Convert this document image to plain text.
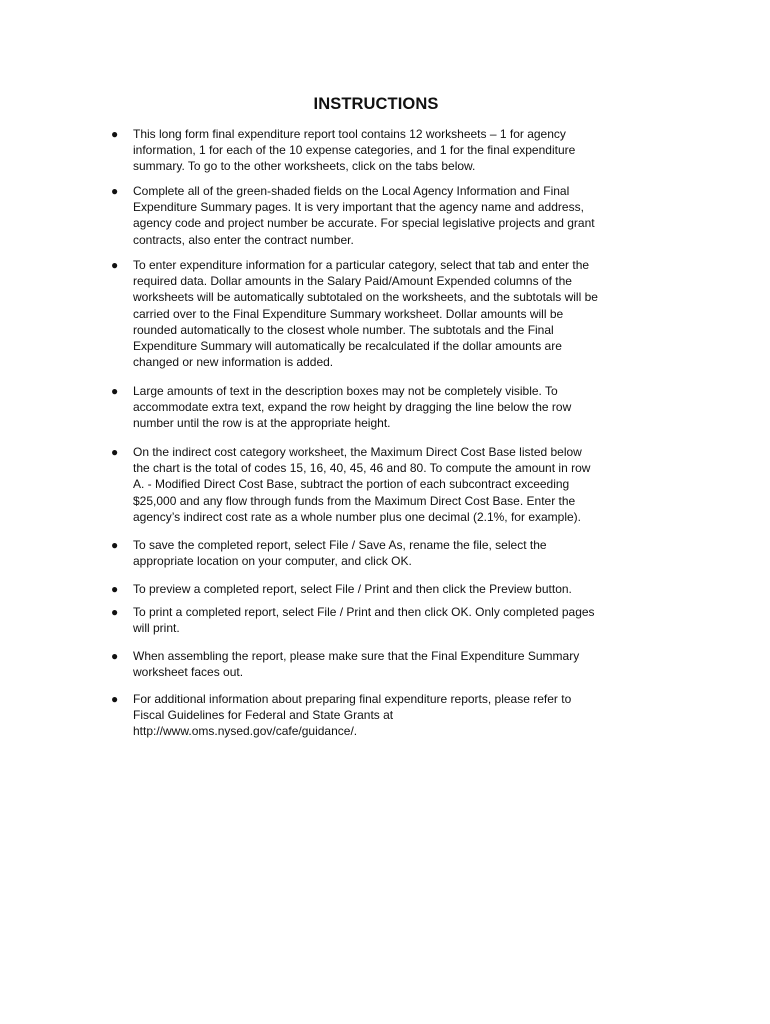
INSTRUCTIONS
● This long form final expenditure report tool contains 12 worksheets – 1 for agency
information, 1 for each of the 10 expense categories, and 1 for the final expenditure
summary. To go to the other worksheets, click on the tabs below.

● Complete all of the green-shaded fields on the Local Agency Information and Final
Expenditure Summary pages. It is very important that the agency name and address,
agency code and project number be accurate. For special legislative projects and grant
contracts, also enter the contract number.

● To enter expenditure information for a particular category, select that tab and enter the
required data. Dollar amounts in the Salary Paid/Amount Expended columns of the
worksheets will be automatically subtotaled on the worksheets, and the subtotals will be
carried over to the Final Expenditure Summary worksheet. Dollar amounts will be
rounded automatically to the closest whole number. The subtotals and the Final
Expenditure Summary will automatically be recalculated if the dollar amounts are
changed or new information is added.

● Large amounts of text in the description boxes may not be completely visible. To
accommodate extra text, expand the row height by dragging the line below the row
number until the row is at the appropriate height.

● On the indirect cost category worksheet, the Maximum Direct Cost Base listed below
the chart is the total of codes 15, 16, 40, 45, 46 and 80. To compute the amount in row
A. - Modified Direct Cost Base, subtract the portion of each subcontract exceeding
$25,000 and any flow through funds from the Maximum Direct Cost Base. Enter the
agency’s indirect cost rate as a whole number plus one decimal (2.1%, for example).

● To save the completed report, select File / Save As, rename the file, select the
appropriate location on your computer, and click OK.

● To preview a completed report, select File / Print and then click the Preview button.

● To print a completed report, select File / Print and then click OK. Only completed pages
will print.

● When assembling the report, please make sure that the Final Expenditure Summary
worksheet faces out.

● For additional information about preparing final expenditure reports, please refer to
Fiscal Guidelines for Federal and State Grants at
http://www.oms.nysed.gov/cafe/guidance/.
